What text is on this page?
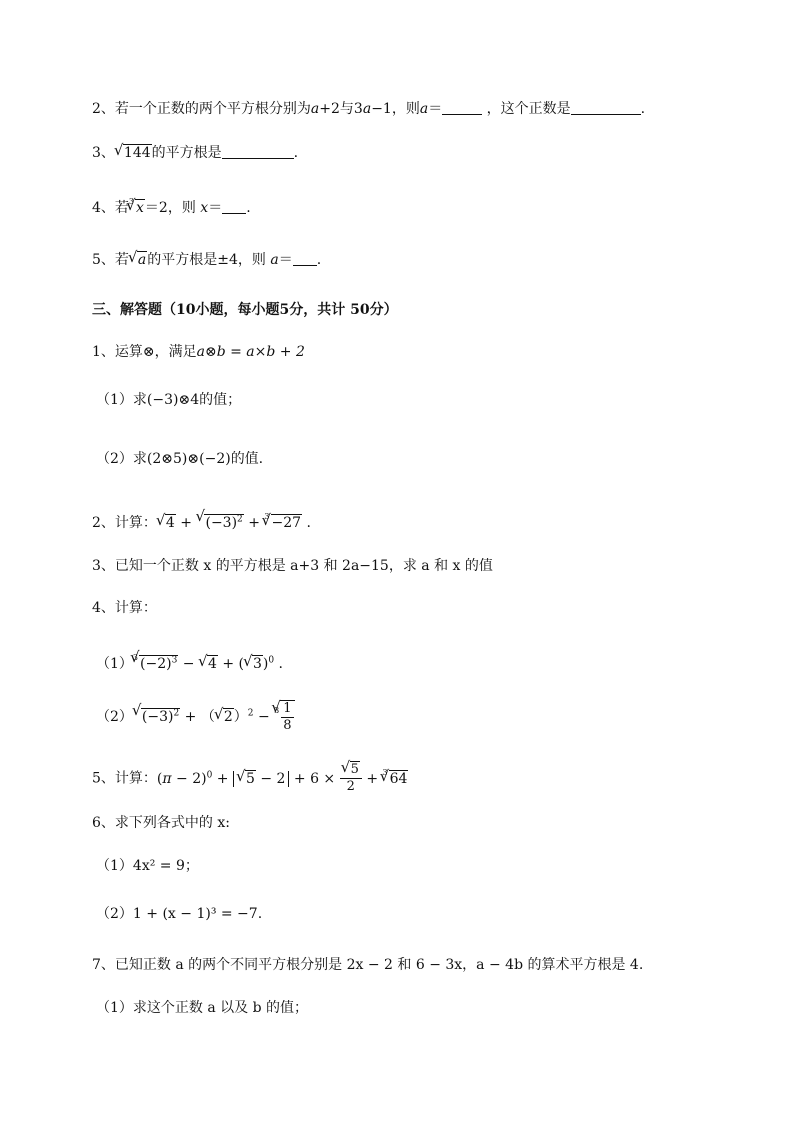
2、若一个正数的两个平方根分别为a+2与3a−1，则a＝	，这个正数是	.
3、√ 144的平方根是	.
4、若$^3$√ x＝2，则 x＝ .
5、若√ a的平方根是±4，则 a＝ .
三、解答题（10小题，每小题5分，共计 50分）
1、运算⊗，满足a⊗b = a×b + 2
（1）求(−3)⊗4的值；
（2）求(2⊗5)⊗(−2)的值.
2、计算：√ 4 + √ $(-3)^2 + ^3√ -27$ .
3、已知一个正数 x 的平方根是 a+3 和 2a−15，求 a 和 x 的值
4、计算：
$(1)^3√$ $(-2)^3$ − √ 4 + (√ 3)$^0$ .
（2）√ $(-3)^2$ + （√ 2）$^2$ − $^3$
√ $\frac{1}{8}$
5、计算：$(\pi - 2)^0$ + √ 5 − 2 + 6 ×
√ $\frac{5}{2} + ^3√$ 64
6、求下列各式中的 x:
（1）4x² = 9；
（2）1 + (x − 1)³ = −7.
7、已知正数 a 的两个不同平方根分别是 2x − 2 和 6 − 3x，a − 4b 的算术平方根是 4.
（1）求这个正数 a 以及 b 的值；
